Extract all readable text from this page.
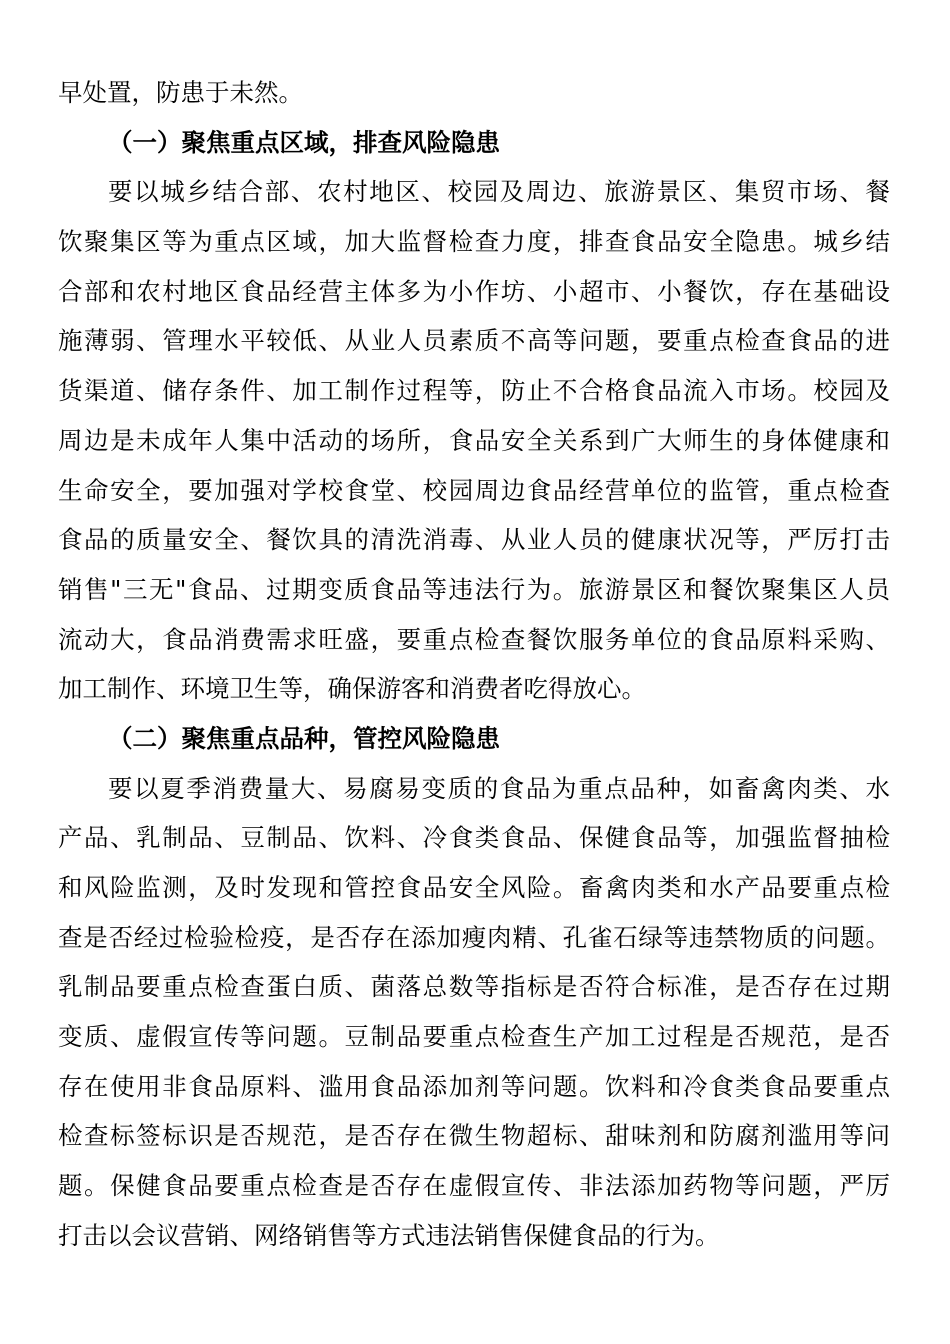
早处置，防患于未然。
（一）聚焦重点区域，排查风险隐患
要以城乡结合部、农村地区、校园及周边、旅游景区、集贸市场、餐
饮聚集区等为重点区域，加大监督检查力度，排查食品安全隐患。城乡结
合部和农村地区食品经营主体多为小作坊、小超市、小餐饮，存在基础设
施薄弱、管理水平较低、从业人员素质不高等问题，要重点检查食品的进
货渠道、储存条件、加工制作过程等，防止不合格食品流入市场。校园及
周边是未成年人集中活动的场所，食品安全关系到广大师生的身体健康和
生命安全，要加强对学校食堂、校园周边食品经营单位的监管，重点检查
食品的质量安全、餐饮具的清洗消毒、从业人员的健康状况等，严厉打击
销售"三无"食品、过期变质食品等违法行为。旅游景区和餐饮聚集区人员
流动大，食品消费需求旺盛，要重点检查餐饮服务单位的食品原料采购、
加工制作、环境卫生等，确保游客和消费者吃得放心。
（二）聚焦重点品种，管控风险隐患
要以夏季消费量大、易腐易变质的食品为重点品种，如畜禽肉类、水
产品、乳制品、豆制品、饮料、冷食类食品、保健食品等，加强监督抽检
和风险监测，及时发现和管控食品安全风险。畜禽肉类和水产品要重点检
查是否经过检验检疫，是否存在添加瘦肉精、孔雀石绿等违禁物质的问题。
乳制品要重点检查蛋白质、菌落总数等指标是否符合标准，是否存在过期
变质、虚假宣传等问题。豆制品要重点检查生产加工过程是否规范，是否
存在使用非食品原料、滥用食品添加剂等问题。饮料和冷食类食品要重点
检查标签标识是否规范，是否存在微生物超标、甜味剂和防腐剂滥用等问
题。保健食品要重点检查是否存在虚假宣传、非法添加药物等问题，严厉
打击以会议营销、网络销售等方式违法销售保健食品的行为。
